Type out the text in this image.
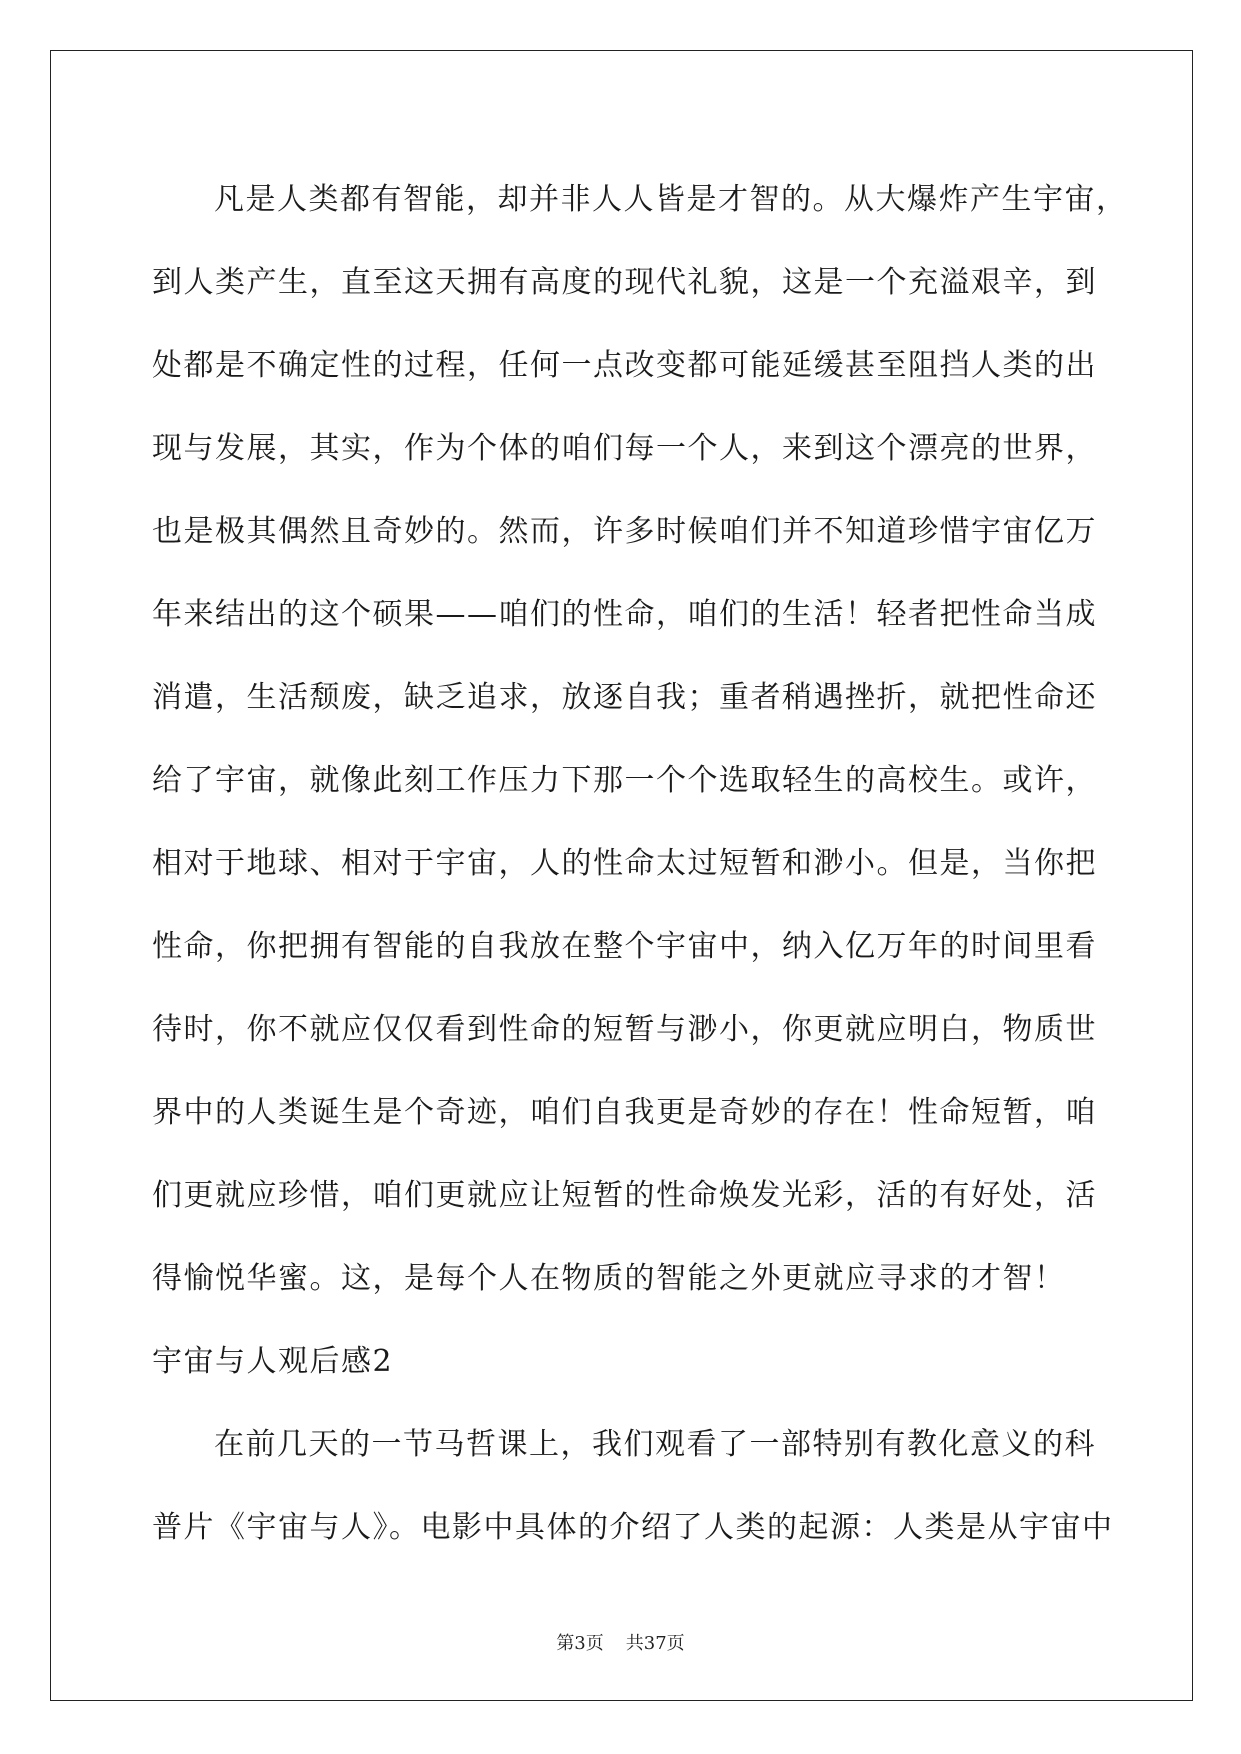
凡是人类都有智能，却并非人人皆是才智的。从大爆炸产生宇宙，
到人类产生，直至这天拥有高度的现代礼貌，这是一个充溢艰辛，到
处都是不确定性的过程，任何一点改变都可能延缓甚至阻挡人类的出
现与发展，其实，作为个体的咱们每一个人，来到这个漂亮的世界，
也是极其偶然且奇妙的。然而，许多时候咱们并不知道珍惜宇宙亿万
年来结出的这个硕果——咱们的性命，咱们的生活！轻者把性命当成
消遣，生活颓废，缺乏追求，放逐自我；重者稍遇挫折，就把性命还
给了宇宙，就像此刻工作压力下那一个个选取轻生的高校生。或许，
相对于地球、相对于宇宙，人的性命太过短暂和渺小。但是，当你把
性命，你把拥有智能的自我放在整个宇宙中，纳入亿万年的时间里看
待时，你不就应仅仅看到性命的短暂与渺小，你更就应明白，物质世
界中的人类诞生是个奇迹，咱们自我更是奇妙的存在！性命短暂，咱
们更就应珍惜，咱们更就应让短暂的性命焕发光彩，活的有好处，活
得愉悦华蜜。这，是每个人在物质的智能之外更就应寻求的才智！
宇宙与人观后感2
在前几天的一节马哲课上，我们观看了一部特别有教化意义的科
普片《宇宙与人》。电影中具体的介绍了人类的起源：人类是从宇宙中
第3页 共37页
